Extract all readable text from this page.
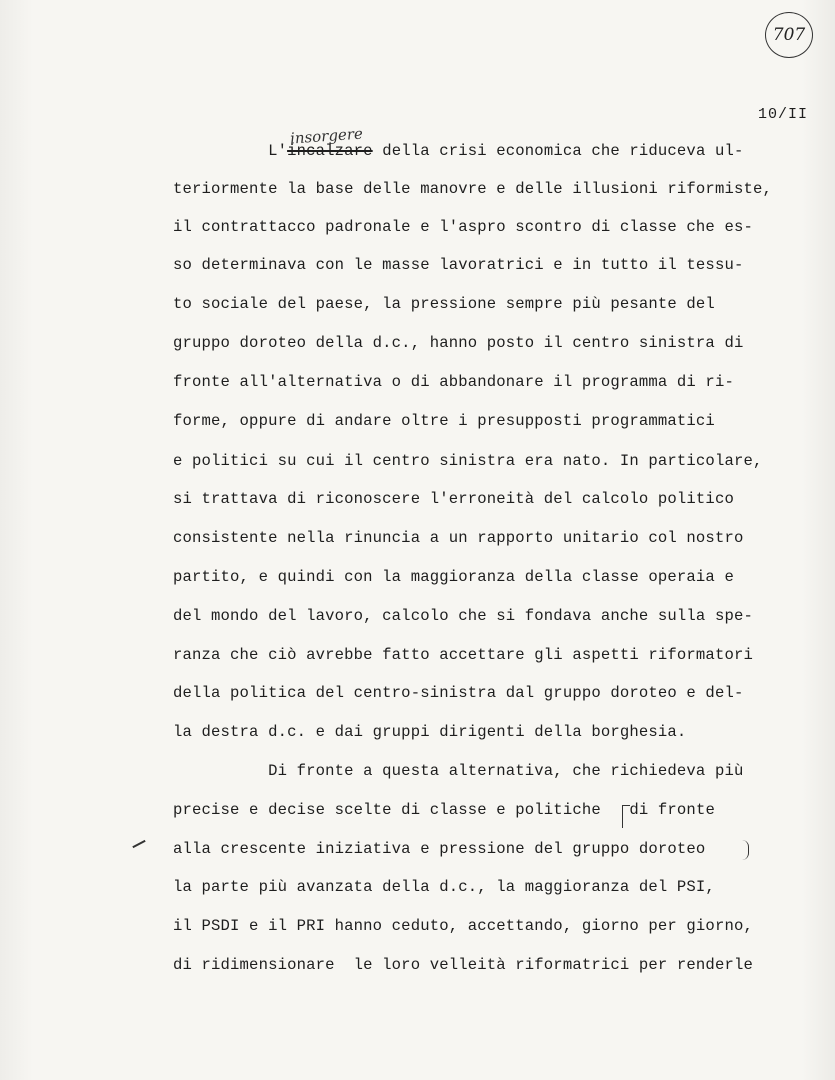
707
10/II
insorgere
L'incalzare della crisi economica che riduceva ul-
teriormente la base delle manovre e delle illusioni riformiste,
il contrattacco padronale e l'aspro scontro di classe che es-
so determinava con le masse lavoratrici e in tutto il tessu-
to sociale del paese, la pressione sempre più pesante del
gruppo doroteo della d.c., hanno posto il centro sinistra di
fronte all'alternativa o di abbandonare il programma di ri-
forme, oppure di andare oltre i presupposti programmatici
e politici su cui il centro sinistra era nato. In particolare,
si trattava di riconoscere l'erroneità del calcolo politico
consistente nella rinuncia a un rapporto unitario col nostro
partito, e quindi con la maggioranza della classe operaia e
del mondo del lavoro, calcolo che si fondava anche sulla spe-
ranza che ciò avrebbe fatto accettare gli aspetti riformatori
della politica del centro-sinistra dal gruppo doroteo e del-
la destra d.c. e dai gruppi dirigenti della borghesia.
Di fronte a questa alternativa, che richiedeva più
precise e decise scelte di classe e politiche di fronte
alla crescente iniziativa e pressione del gruppo doroteo
la parte più avanzata della d.c., la maggioranza del PSI,
il PSDI e il PRI hanno ceduto, accettando, giorno per giorno,
di ridimensionare  le loro velleità riformatrici per renderle
